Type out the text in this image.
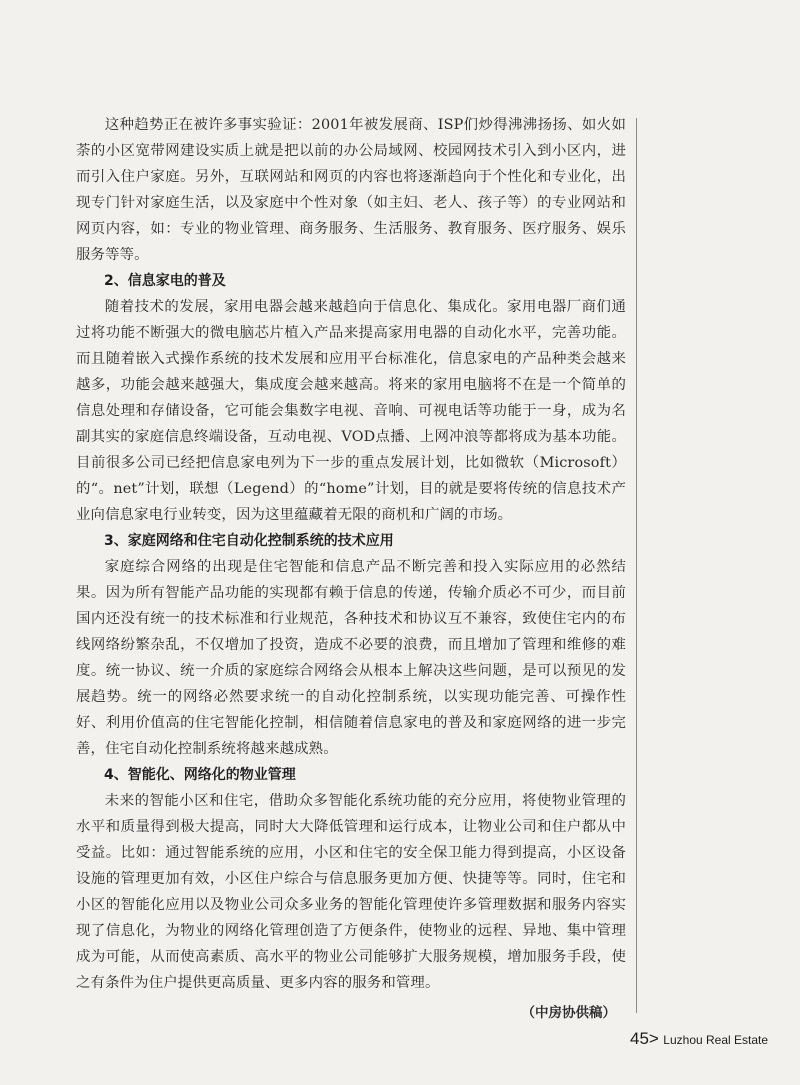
这种趋势正在被许多事实验证：2001年被发展商、ISP们炒得沸沸扬扬、如火如荼的小区宽带网建设实质上就是把以前的办公局域网、校园网技术引入到小区内，进而引入住户家庭。另外，互联网站和网页的内容也将逐渐趋向于个性化和专业化，出现专门针对家庭生活，以及家庭中个性对象（如主妇、老人、孩子等）的专业网站和网页内容，如：专业的物业管理、商务服务、生活服务、教育服务、医疗服务、娱乐服务等等。

2、信息家电的普及

随着技术的发展，家用电器会越来越趋向于信息化、集成化。家用电器厂商们通过将功能不断强大的微电脑芯片植入产品来提高家用电器的自动化水平，完善功能。而且随着嵌入式操作系统的技术发展和应用平台标准化，信息家电的产品种类会越来越多，功能会越来越强大，集成度会越来越高。将来的家用电脑将不在是一个简单的信息处理和存储设备，它可能会集数字电视、音响、可视电话等功能于一身，成为名副其实的家庭信息终端设备，互动电视、VOD点播、上网冲浪等都将成为基本功能。目前很多公司已经把信息家电列为下一步的重点发展计划，比如微软（Microsoft）的“。net”计划，联想（Legend）的“home”计划，目的就是要将传统的信息技术产业向信息家电行业转变，因为这里蕴藏着无限的商机和广阔的市场。

3、家庭网络和住宅自动化控制系统的技术应用

家庭综合网络的出现是住宅智能和信息产品不断完善和投入实际应用的必然结果。因为所有智能产品功能的实现都有赖于信息的传递，传输介质必不可少，而目前国内还没有统一的技术标准和行业规范，各种技术和协议互不兼容，致使住宅内的布线网络纷繁杂乱，不仅增加了投资，造成不必要的浪费，而且增加了管理和维修的难度。统一协议、统一介质的家庭综合网络会从根本上解决这些问题，是可以预见的发展趋势。统一的网络必然要求统一的自动化控制系统，以实现功能完善、可操作性好、利用价值高的住宅智能化控制，相信随着信息家电的普及和家庭网络的进一步完善，住宅自动化控制系统将越来越成熟。

4、智能化、网络化的物业管理

未来的智能小区和住宅，借助众多智能化系统功能的充分应用，将使物业管理的水平和质量得到极大提高，同时大大降低管理和运行成本，让物业公司和住户都从中受益。比如：通过智能系统的应用，小区和住宅的安全保卫能力得到提高，小区设备设施的管理更加有效，小区住户综合与信息服务更加方便、快捷等等。同时，住宅和小区的智能化应用以及物业公司众多业务的智能化管理使许多管理数据和服务内容实现了信息化，为物业的网络化管理创造了方便条件，使物业的远程、异地、集中管理成为可能，从而使高素质、高水平的物业公司能够扩大服务规模，增加服务手段，使之有条件为住户提供更高质量、更多内容的服务和管理。

（中房协供稿）

45> Luzhou Real Estate
